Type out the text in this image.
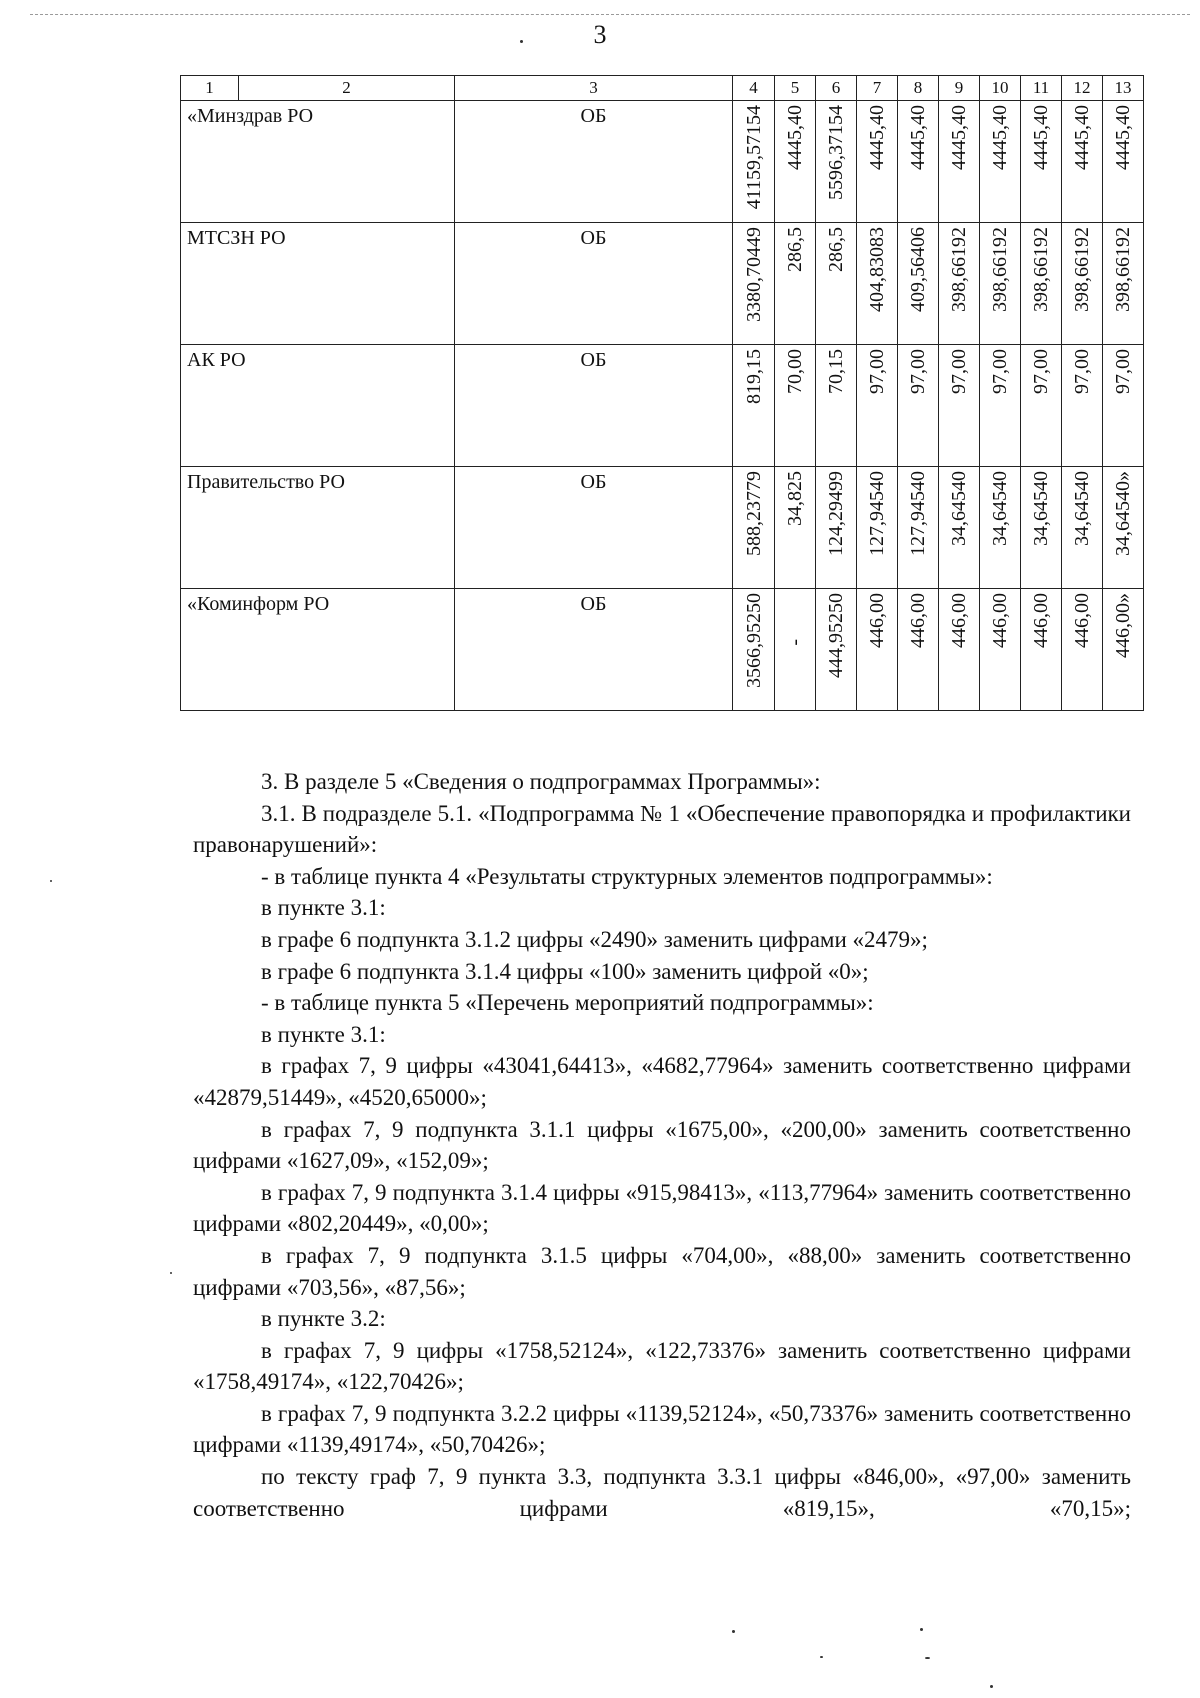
3
1	2	3	4	5	6	7	8	9	10	11	12	13
«Минздрав РО		ОБ	41159,57154	4445,40	5596,37154	4445,40	4445,40	4445,40	4445,40	4445,40	4445,40	4445,40

МТСЗН РО		ОБ	3380,70449	286,5	286,5	404,83083	409,56406	398,66192	398,66192	398,66192	398,66192	398,66192

АК РО		ОБ	819,15	70,00	70,15	97,00	97,00	97,00	97,00	97,00	97,00	97,00

Правительство РО		ОБ	588,23779	34,825	124,29499	127,94540	127,94540	34,64540	34,64540	34,64540	34,64540	34,64540»

«Коминформ РО		ОБ	3566,95250	-	444,95250	446,00	446,00	446,00	446,00	446,00	446,00	446,00»

3. В разделе 5 «Сведения о подпрограммах Программы»:

3.1. В подразделе 5.1. «Подпрограмма № 1 «Обеспечение правопорядка и профилактики правонарушений»:

- в таблице пункта 4 «Результаты структурных элементов подпрограммы»:

в пункте 3.1:

в графе 6 подпункта 3.1.2 цифры «2490» заменить цифрами «2479»;

в графе 6 подпункта 3.1.4 цифры «100» заменить цифрой «0»;

- в таблице пункта 5 «Перечень мероприятий подпрограммы»:

в пункте 3.1:

в графах 7, 9 цифры «43041,64413», «4682,77964» заменить соответственно цифрами «42879,51449», «4520,65000»;

в графах 7, 9 подпункта 3.1.1 цифры «1675,00», «200,00» заменить соответственно цифрами «1627,09», «152,09»;

в графах 7, 9 подпункта 3.1.4 цифры «915,98413», «113,77964» заменить соответственно цифрами «802,20449», «0,00»;

в графах 7, 9 подпункта 3.1.5 цифры «704,00», «88,00» заменить соответственно цифрами «703,56», «87,56»;

в пункте 3.2:

в графах 7, 9 цифры «1758,52124», «122,73376» заменить соответственно цифрами «1758,49174», «122,70426»;

в графах 7, 9 подпункта 3.2.2 цифры «1139,52124», «50,73376» заменить соответственно цифрами «1139,49174», «50,70426»;

по тексту граф 7, 9 пункта 3.3, подпункта 3.3.1 цифры «846,00», «97,00» заменить соответственно цифрами «819,15», «70,15»;
